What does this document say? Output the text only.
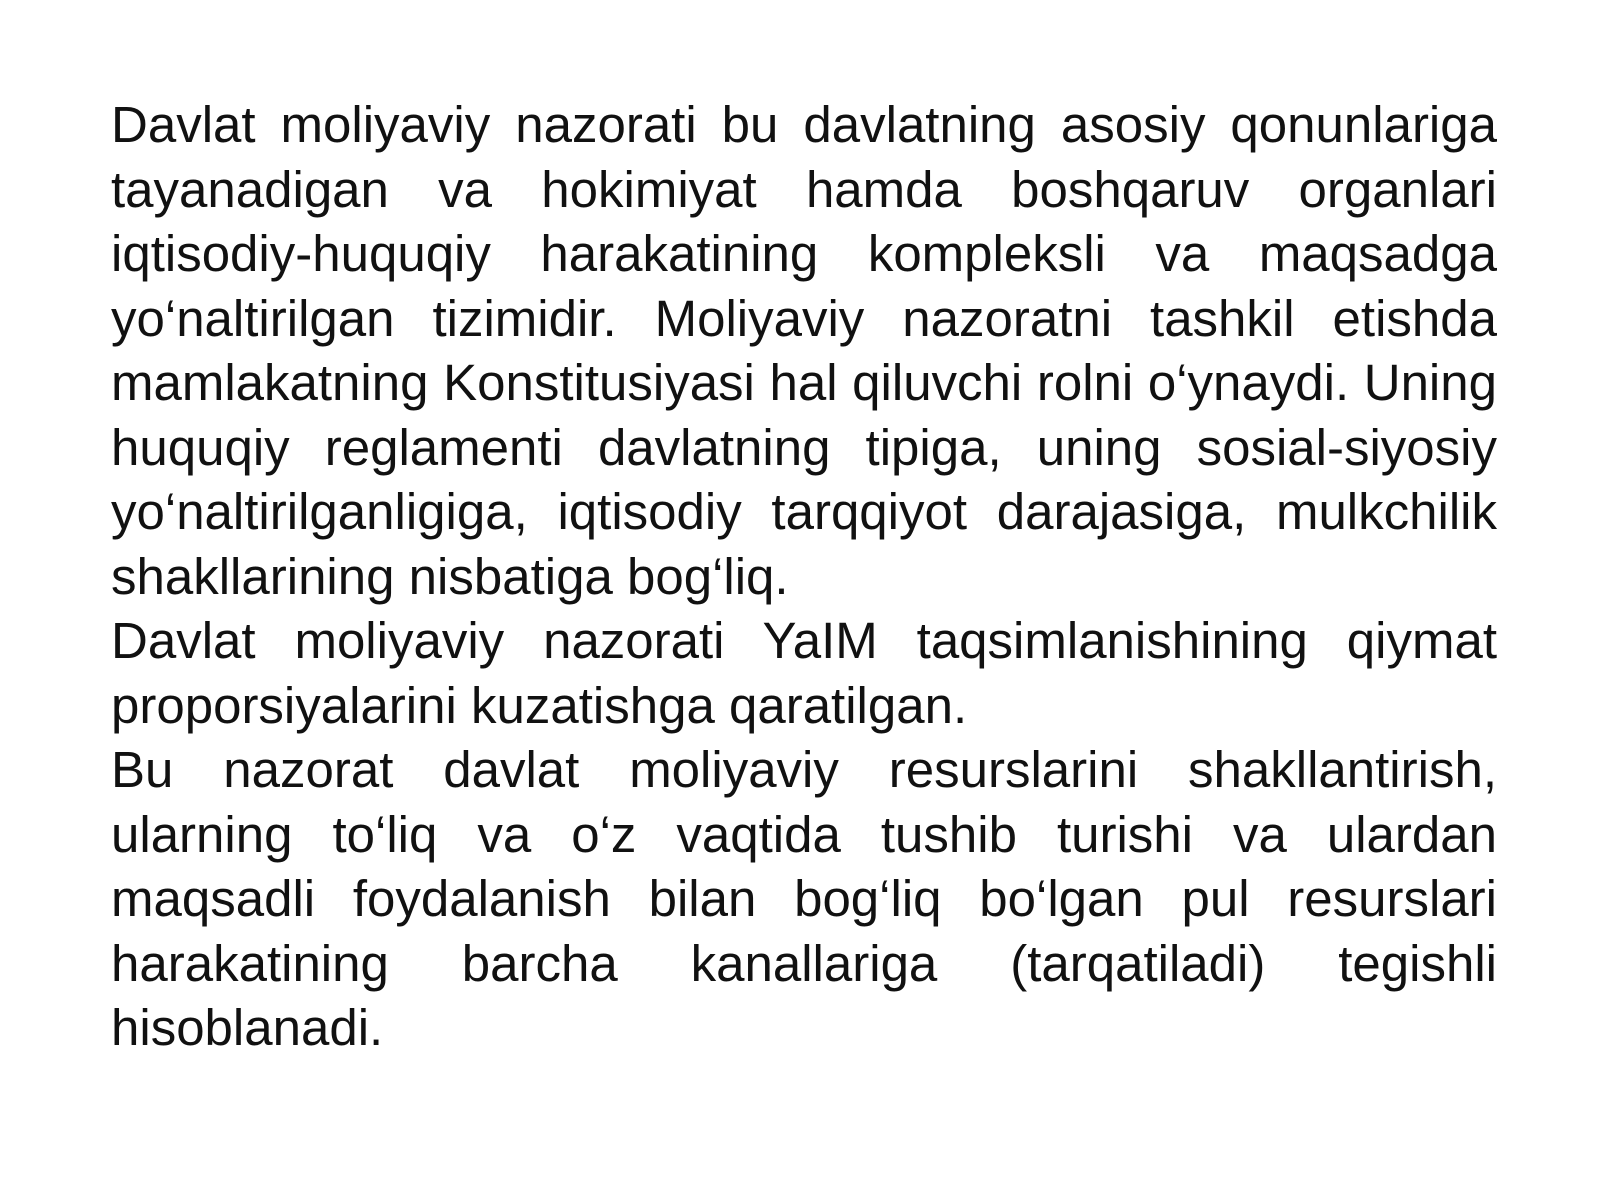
Davlat moliyaviy nazorati bu davlatning asosiy qonunlariga tayanadigan va hokimiyat hamda boshqaruv organlari iqtisodiy-huquqiy harakatining kompleksli va maqsadga yo‘naltirilgan tizimidir. Moliyaviy nazoratni tashkil etishda mamlakatning Konstitusiyasi hal qiluvchi rolni o‘ynaydi. Uning huquqiy reglamenti davlatning tipiga, uning sosial-siyosiy yo‘naltirilganligiga, iqtisodiy tarqqiyot darajasiga, mulkchilik shakllarining nisbatiga bog‘liq.

Davlat moliyaviy nazorati YaIM taqsimlanishining qiymat proporsiyalarini kuzatishga qaratilgan.

Bu nazorat davlat moliyaviy resurslarini shakllantirish, ularning to‘liq va o‘z vaqtida tushib turishi va ulardan maqsadli foydalanish bilan bog‘liq bo‘lgan pul resurslari harakatining barcha kanallariga (tarqatiladi) tegishli hisoblanadi.
